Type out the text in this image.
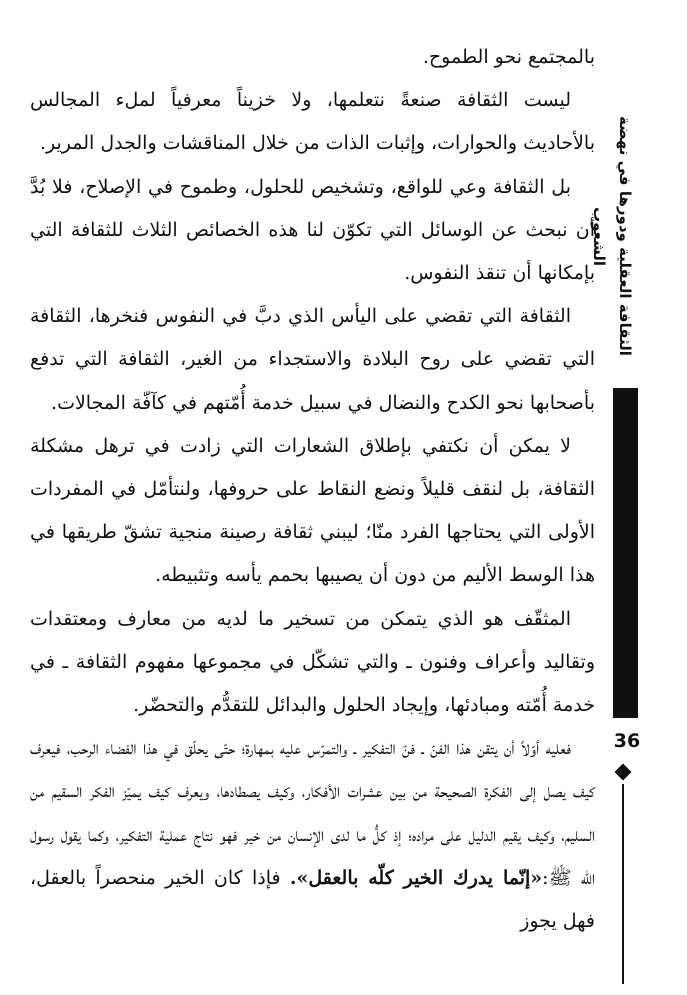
الثقافة العقلية ودورها في نهضة الشعوب
36

بالمجتمع نحو الطموح.

ليست الثقافة صنعةً نتعلمها، ولا خزيناً معرفياً لملء المجالس بالأحاديث والحوارات، وإثبات الذات من خلال المناقشات والجدل المرير.

بل الثقافة وعي للواقع، وتشخيص للحلول، وطموح في الإصلاح، فلا بُدَّ أن نبحث عن الوسائل التي تكوّن لنا هذه الخصائص الثلاث للثقافة التي بإمكانها أن تنقذ النفوس.

الثقافة التي تقضي على اليأس الذي دبَّ في النفوس فنخرها، الثقافة التي تقضي على روح البلادة والاستجداء من الغير، الثقافة التي تدفع بأصحابها نحو الكدح والنضال في سبيل خدمة أُمّتهم في كآفّة المجالات.

لا يمكن أن نكتفي بإطلاق الشعارات التي زادت في ترهل مشكلة الثقافة، بل لنقف قليلاً ونضع النقاط على حروفها، ولنتأمّل في المفردات الأولى التي يحتاجها الفرد منّا؛ ليبني ثقافة رصينة منجية تشقّ طريقها في هذا الوسط الأليم من دون أن يصيبها بحمم يأسه وتثبيطه.

المثقّف هو الذي يتمكن من تسخير ما لديه من معارف ومعتقدات وتقاليد وأعراف وفنون ـ والتي تشكّل في مجموعها مفهوم الثقافة ـ في خدمة أُمّته ومبادئها، وإيجاد الحلول والبدائل للتقدُّم والتحضّر.

فعليه أوّلاً أن يتقن هذا الفنّ ـ فنّ التفكير ـ والتمرّس عليه بمهارة؛ حتّى يحلّق في هذا الفضاء الرحب، فيعرف كيف يصل إلى الفكرة الصحيحة من بين عشرات الأفكار، وكيف يصطادها، ويعرف كيف يميّز الفكر السقيم من السليم، وكيف يقيم الدليل على مراده؛ إذ كلُّ ما لدى الإنسان من خير فهو نتاج عملية التفكير، وكما يقول رسول الله ﷺ:«إنّما يدرك الخير كلّه بالعقل». فإذا كان الخير منحصراً بالعقل، فهل يجوز
